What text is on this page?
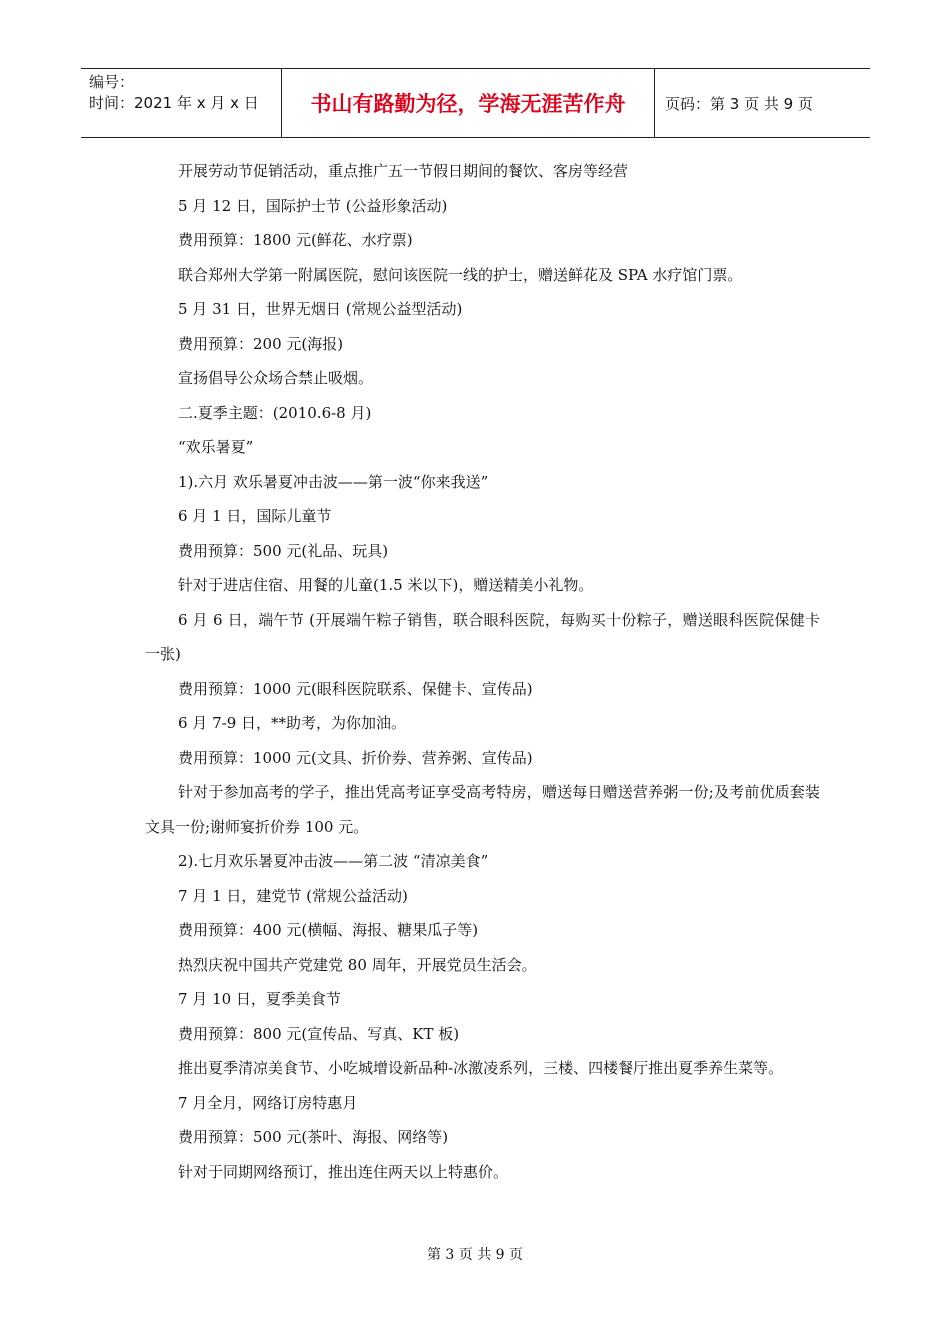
编号：
时间：2021 年 x 月 x 日	书山有路勤为径，学海无涯苦作舟	页码：第 3 页 共 9 页

开展劳动节促销活动，重点推广五一节假日期间的餐饮、客房等经营

5 月 12 日，国际护士节 (公益形象活动)

费用预算：1800 元(鲜花、水疗票)

联合郑州大学第一附属医院，慰问该医院一线的护士，赠送鲜花及 SPA 水疗馆门票。

5 月 31 日，世界无烟日 (常规公益型活动)

费用预算：200 元(海报)

宣扬倡导公众场合禁止吸烟。

二.夏季主题：(2010.6-8 月)

“欢乐暑夏”

1).六月 欢乐暑夏冲击波——第一波“你来我送”

6 月 1 日，国际儿童节

费用预算：500 元(礼品、玩具)

针对于进店住宿、用餐的儿童(1.5 米以下)，赠送精美小礼物。

6 月 6 日，端午节 (开展端午粽子销售，联合眼科医院，每购买十份粽子，赠送眼科医院保健卡一张)

费用预算：1000 元(眼科医院联系、保健卡、宣传品)

6 月 7-9 日，**助考，为你加油。

费用预算：1000 元(文具、折价券、营养粥、宣传品)

针对于参加高考的学子，推出凭高考证享受高考特房，赠送每日赠送营养粥一份;及考前优质套装文具一份;谢师宴折价券 100 元。

2).七月欢乐暑夏冲击波——第二波 “清凉美食”

7 月 1 日，建党节 (常规公益活动)

费用预算：400 元(横幅、海报、糖果瓜子等)

热烈庆祝中国共产党建党 80 周年，开展党员生活会。

7 月 10 日，夏季美食节

费用预算：800 元(宣传品、写真、KT 板)

推出夏季清凉美食节、小吃城增设新品种-冰激凌系列，三楼、四楼餐厅推出夏季养生菜等。

7 月全月，网络订房特惠月

费用预算：500 元(茶叶、海报、网络等)

针对于同期网络预订，推出连住两天以上特惠价。

第 3 页 共 9 页
